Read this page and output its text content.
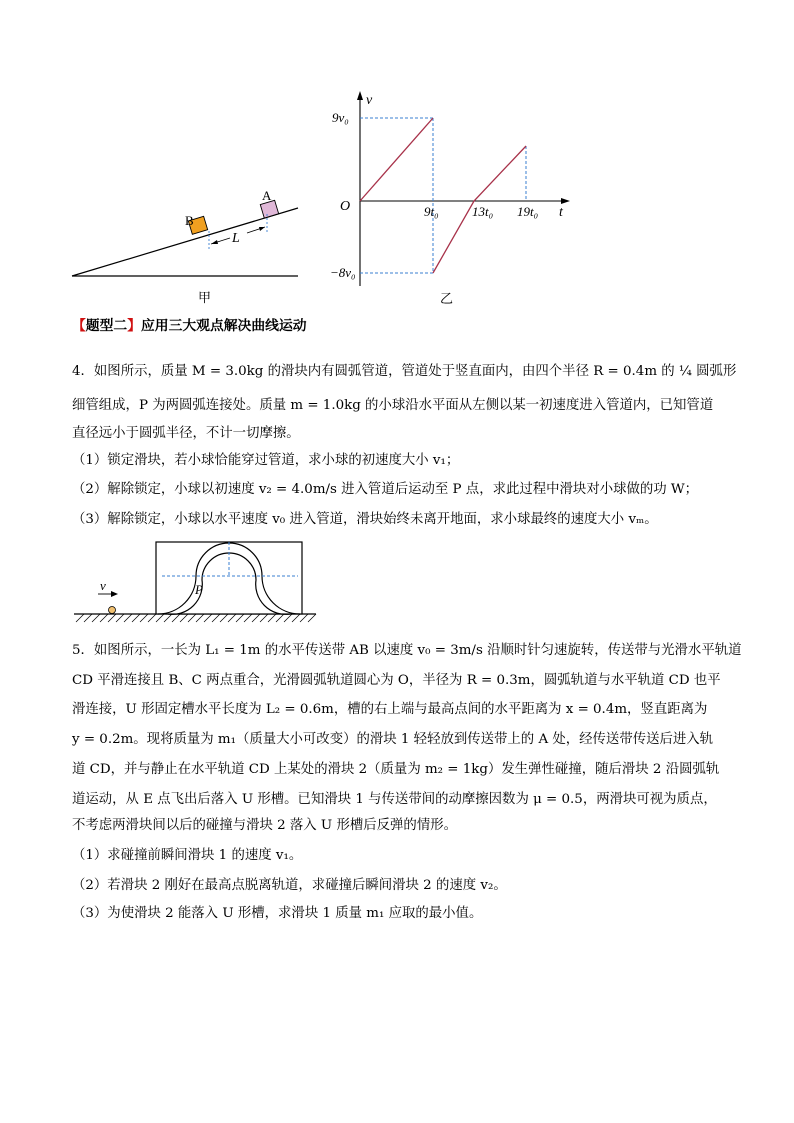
L
B
A
甲
v
t
O
9v₀
−8v₀
9t₀	13t₀ 19t₀
乙
【题型二】应用三大观点解决曲线运动
4．如图所示，质量 M = 3.0kg 的滑块内有圆弧管道，管道处于竖直面内，由四个半径 R = 0.4m 的 ¼ 圆弧形
细管组成，P 为两圆弧连接处。质量 m = 1.0kg 的小球沿水平面从左侧以某一初速度进入管道内，已知管道
直径远小于圆弧半径，不计一切摩擦。
（1）锁定滑块，若小球恰能穿过管道，求小球的初速度大小 v₁；
（2）解除锁定，小球以初速度 v₂ = 4.0m/s 进入管道后运动至 P 点，求此过程中滑块对小球做的功 W；
（3）解除锁定，小球以水平速度 v₀ 进入管道，滑块始终未离开地面，求小球最终的速度大小 vₘ。
v	P
5．如图所示，一长为 L₁ = 1m 的水平传送带 AB 以速度 v₀ = 3m/s 沿顺时针匀速旋转，传送带与光滑水平轨道
CD 平滑连接且 B、C 两点重合，光滑圆弧轨道圆心为 O，半径为 R = 0.3m，圆弧轨道与水平轨道 CD 也平
滑连接，U 形固定槽水平长度为 L₂ = 0.6m，槽的右上端与最高点间的水平距离为 x = 0.4m，竖直距离为
y = 0.2m。现将质量为 m₁（质量大小可改变）的滑块 1 轻轻放到传送带上的 A 处，经传送带传送后进入轨
道 CD，并与静止在水平轨道 CD 上某处的滑块 2（质量为 m₂ = 1kg）发生弹性碰撞，随后滑块 2 沿圆弧轨
道运动，从 E 点飞出后落入 U 形槽。已知滑块 1 与传送带间的动摩擦因数为 μ = 0.5，两滑块可视为质点，
不考虑两滑块间以后的碰撞与滑块 2 落入 U 形槽后反弹的情形。
（1）求碰撞前瞬间滑块 1 的速度 v₁。
（2）若滑块 2 刚好在最高点脱离轨道，求碰撞后瞬间滑块 2 的速度 v₂。
（3）为使滑块 2 能落入 U 形槽，求滑块 1 质量 m₁ 应取的最小值。
